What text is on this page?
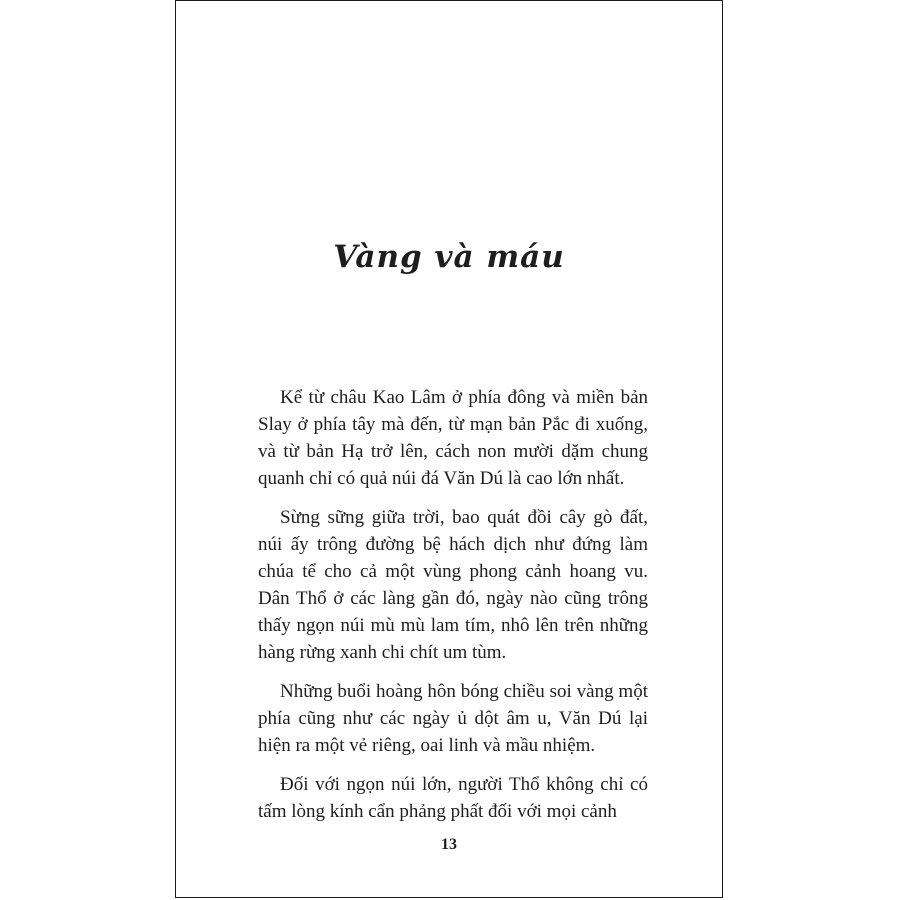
Vàng và máu

Kể từ châu Kao Lâm ở phía đông và miền bản Slay ở phía tây mà đến, từ mạn bản Pắc đi xuống, và từ bản Hạ trở lên, cách non mười dặm chung quanh chỉ có quả núi đá Văn Dú là cao lớn nhất.

Sừng sững giữa trời, bao quát đồi cây gò đất, núi ấy trông đường bệ hách dịch như đứng làm chúa tể cho cả một vùng phong cảnh hoang vu. Dân Thổ ở các làng gần đó, ngày nào cũng trông thấy ngọn núi mù mù lam tím, nhô lên trên những hàng rừng xanh chi chít um tùm.

Những buổi hoàng hôn bóng chiều soi vàng một phía cũng như các ngày ủ dột âm u, Văn Dú lại hiện ra một vẻ riêng, oai linh và mầu nhiệm.

Đối với ngọn núi lớn, người Thổ không chỉ có tấm lòng kính cẩn phảng phất đối với mọi cảnh

13
